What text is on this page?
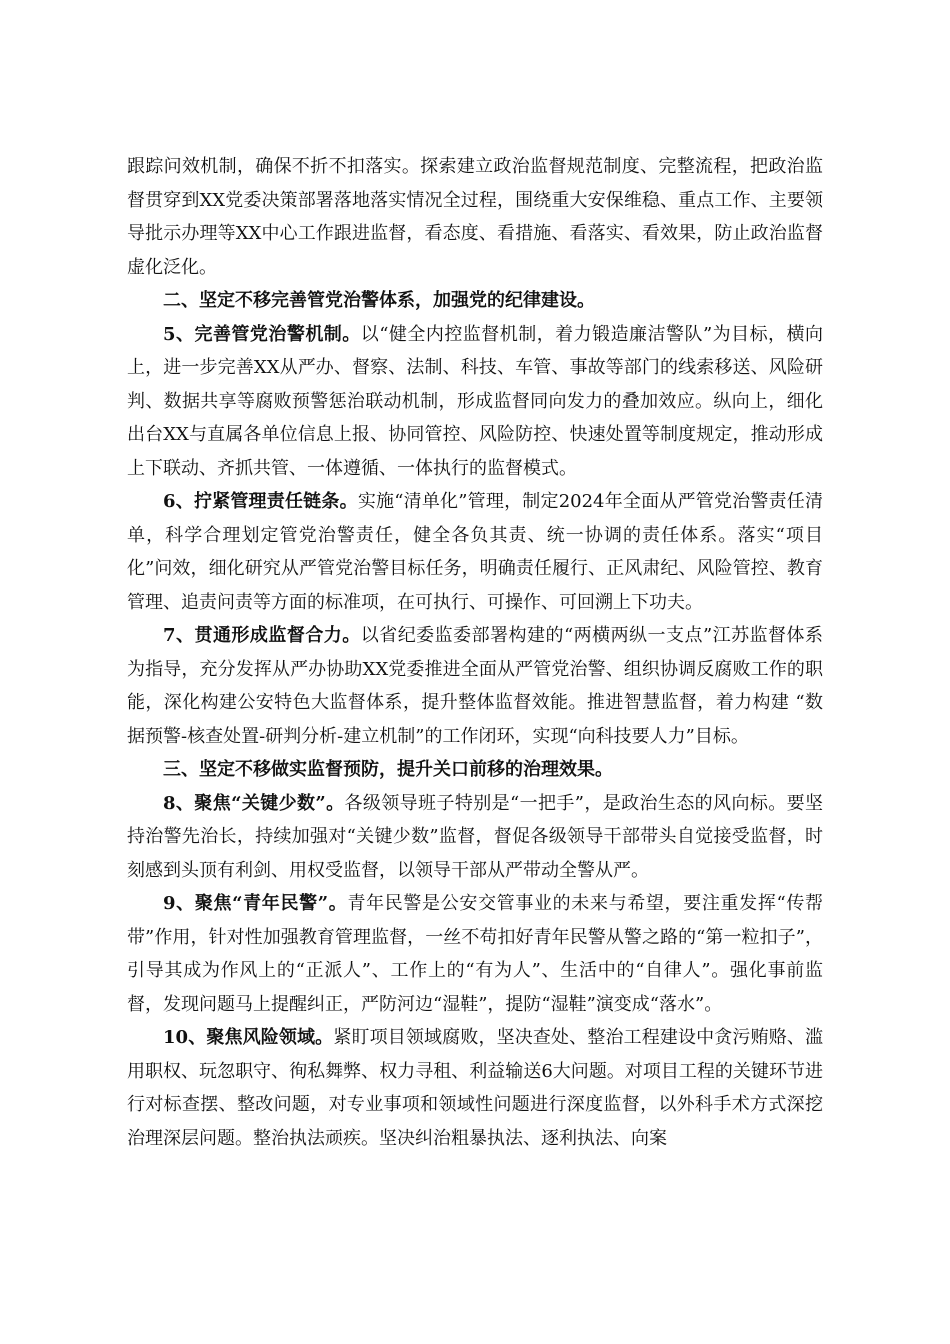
跟踪问效机制，确保不折不扣落实。探索建立政治监督规范制度、完整流程，把政治监督贯穿到XX党委决策部署落地落实情况全过程，围绕重大安保维稳、重点工作、主要领导批示办理等XX中心工作跟进监督，看态度、看措施、看落实、看效果，防止政治监督虚化泛化。

二、坚定不移完善管党治警体系，加强党的纪律建设。

5、完善管党治警机制。以“健全内控监督机制，着力锻造廉洁警队”为目标，横向上，进一步完善XX从严办、督察、法制、科技、车管、事故等部门的线索移送、风险研判、数据共享等腐败预警惩治联动机制，形成监督同向发力的叠加效应。纵向上，细化出台XX与直属各单位信息上报、协同管控、风险防控、快速处置等制度规定，推动形成上下联动、齐抓共管、一体遵循、一体执行的监督模式。

6、拧紧管理责任链条。实施“清单化”管理，制定2024年全面从严管党治警责任清单，科学合理划定管党治警责任，健全各负其责、统一协调的责任体系。落实“项目化”问效，细化研究从严管党治警目标任务，明确责任履行、正风肃纪、风险管控、教育管理、追责问责等方面的标准项，在可执行、可操作、可回溯上下功夫。

7、贯通形成监督合力。以省纪委监委部署构建的“两横两纵一支点”江苏监督体系为指导，充分发挥从严办协助XX党委推进全面从严管党治警、组织协调反腐败工作的职能，深化构建公安特色大监督体系，提升整体监督效能。推进智慧监督，着力构建 “数据预警-核查处置-研判分析-建立机制”的工作闭环，实现“向科技要人力”目标。

三、坚定不移做实监督预防，提升关口前移的治理效果。

8、聚焦“关键少数”。各级领导班子特别是“一把手”，是政治生态的风向标。要坚持治警先治长，持续加强对“关键少数”监督，督促各级领导干部带头自觉接受监督，时刻感到头顶有利剑、用权受监督，以领导干部从严带动全警从严。

9、聚焦“青年民警”。青年民警是公安交管事业的未来与希望，要注重发挥“传帮带”作用，针对性加强教育管理监督，一丝不苟扣好青年民警从警之路的“第一粒扣子”，引导其成为作风上的“正派人”、工作上的“有为人”、生活中的“自律人”。强化事前监督，发现问题马上提醒纠正，严防河边“湿鞋”，提防“湿鞋”演变成“落水”。

10、聚焦风险领域。紧盯项目领域腐败，坚决查处、整治工程建设中贪污贿赂、滥用职权、玩忽职守、徇私舞弊、权力寻租、利益输送6大问题。对项目工程的关键环节进行对标查摆、整改问题，对专业事项和领域性问题进行深度监督，以外科手术方式深挖治理深层问题。整治执法顽疾。坚决纠治粗暴执法、逐利执法、向案
